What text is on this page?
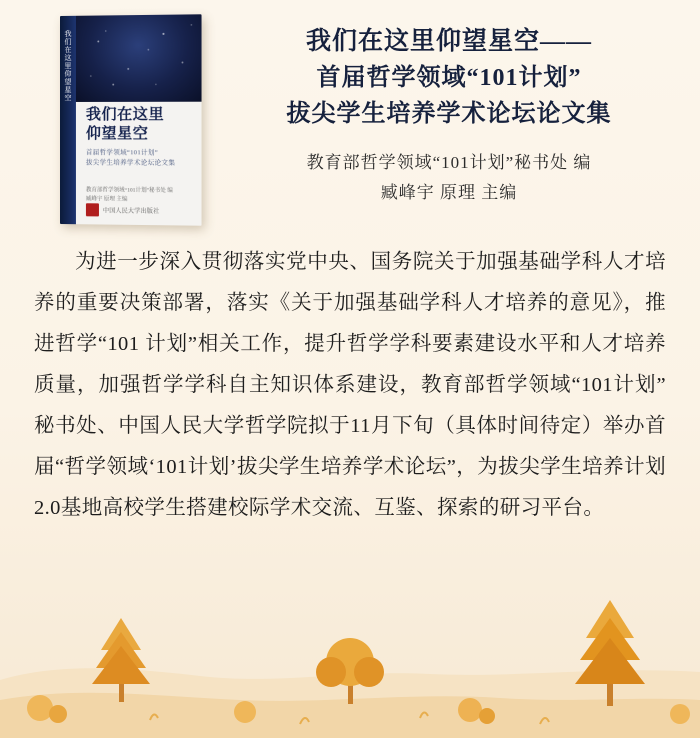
我们在这里仰望星空
我们在这里
仰望星空
首届哲学领域“101计划”
拔尖学生培养学术论坛论文集
教育部哲学领域“101计划”秘书处 编
臧峰宇 原理 主编
中国人民大学出版社
我们在这里仰望星空——
首届哲学领域“101计划”
拔尖学生培养学术论坛论文集
教育部哲学领域“101计划”秘书处 编
臧峰宇 原理 主编
为进一步深入贯彻落实党中央、国务院关于加强基础学科人才培养的重要决策部署，落实《关于加强基础学科人才培养的意见》，推进哲学“101 计划”相关工作，提升哲学学科要素建设水平和人才培养质量，加强哲学学科自主知识体系建设，教育部哲学领域“101计划”秘书处、中国人民大学哲学院拟于11月下旬（具体时间待定）举办首届“哲学领域‘101计划’拔尖学生培养学术论坛”，为拔尖学生培养计划2.0基地高校学生搭建校际学术交流、互鉴、探索的研习平台。
